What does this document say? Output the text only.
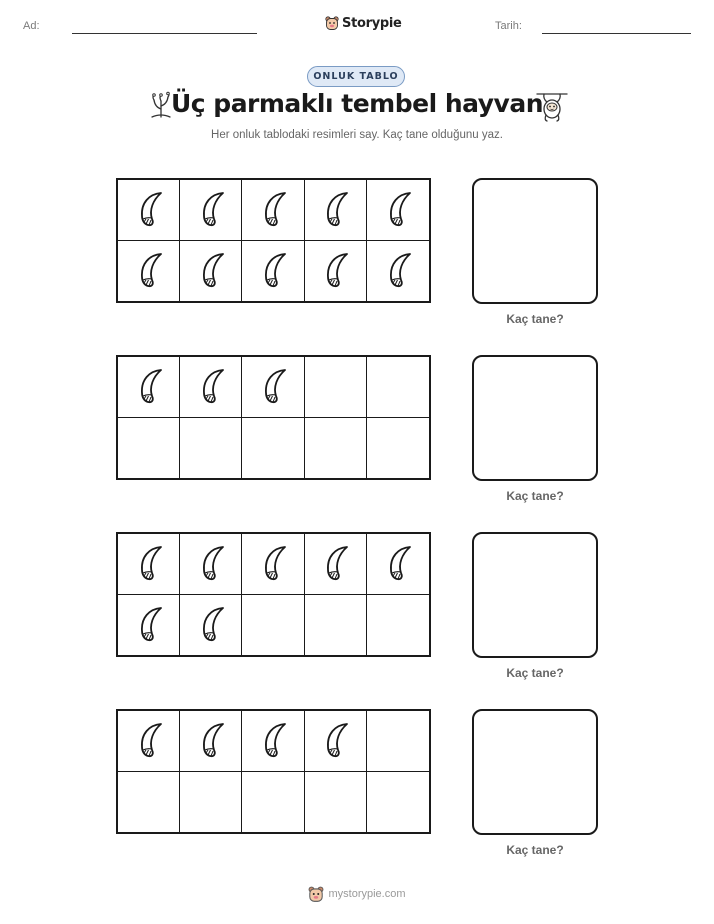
Ad:	Storypie	Tarih:
ONLUK TABLO
Üç parmaklı tembel hayvan
Her onluk tablodaki resimleri say. Kaç tane olduğunu yaz.
Kaç tane?
Kaç tane?
Kaç tane?
Kaç tane?
mystorypie.com
